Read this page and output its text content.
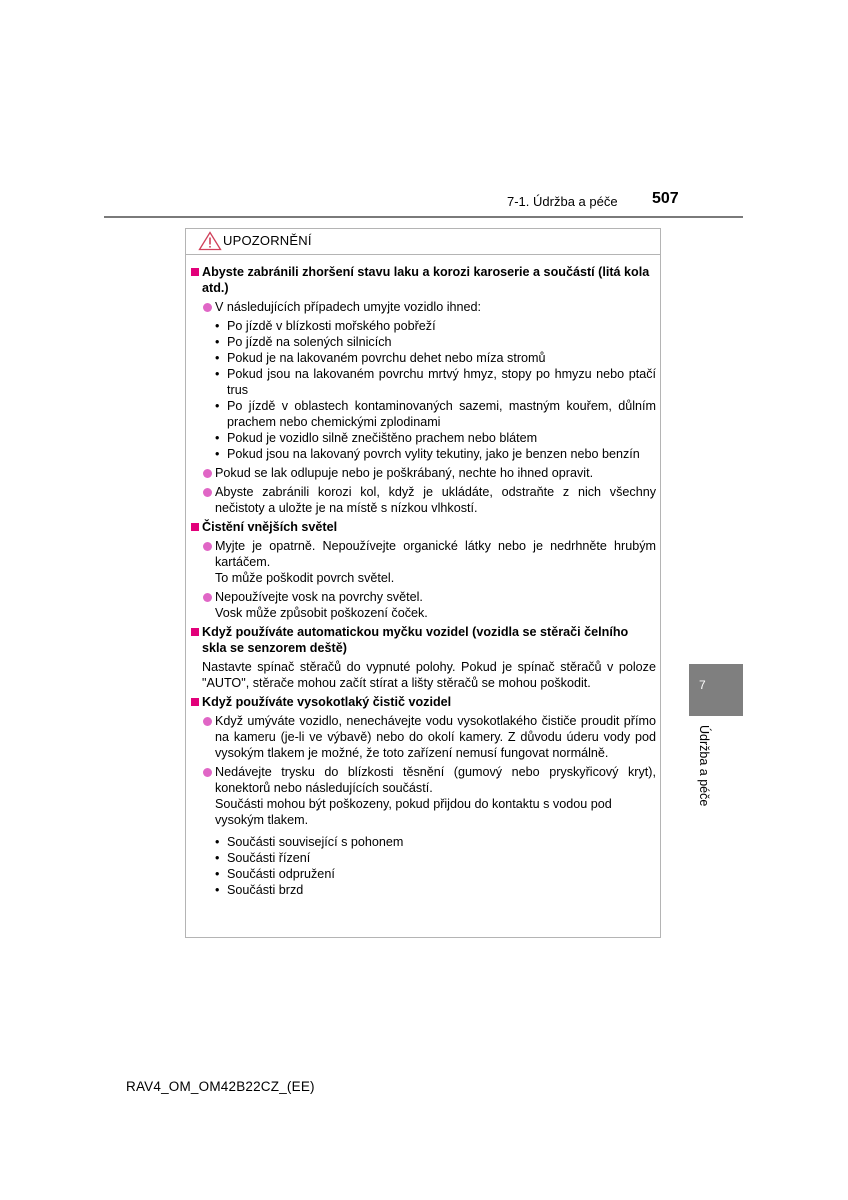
7-1. Údržba a péče 507
UPOZORNĚNÍ
Abyste zabránili zhoršení stavu laku a korozi karoserie a součástí (litá kola atd.)
V následujících případech umyjte vozidlo ihned:
• Po jízdě v blízkosti mořského pobřeží
• Po jízdě na solených silnicích
• Pokud je na lakovaném povrchu dehet nebo míza stromů
• Pokud jsou na lakovaném povrchu mrtvý hmyz, stopy po hmyzu nebo ptačí trus
• Po jízdě v oblastech kontaminovaných sazemi, mastným kouřem, důlním prachem nebo chemickými zplodinami
• Pokud je vozidlo silně znečištěno prachem nebo blátem
• Pokud jsou na lakovaný povrch vylity tekutiny, jako je benzen nebo benzín
Pokud se lak odlupuje nebo je poškrábaný, nechte ho ihned opravit.
Abyste zabránili korozi kol, když je ukládáte, odstraňte z nich všechny nečistoty a uložte je na místě s nízkou vlhkostí.
Čistění vnějších světel
Myjte je opatrně. Nepoužívejte organické látky nebo je nedrhněte hrubým kartáčem.
To může poškodit povrch světel.
Nepoužívejte vosk na povrchy světel.
Vosk může způsobit poškození čoček.
Když používáte automatickou myčku vozidel (vozidla se stěrači čelního skla se senzorem deště)
Nastavte spínač stěračů do vypnuté polohy. Pokud je spínač stěračů v poloze "AUTO", stěrače mohou začít stírat a lišty stěračů se mohou poškodit.
Když používáte vysokotlaký čistič vozidel
Když umýváte vozidlo, nenechávejte vodu vysokotlakého čističe proudit přímo na kameru (je-li ve výbavě) nebo do okolí kamery. Z důvodu úderu vody pod vysokým tlakem je možné, že toto zařízení nemusí fungovat normálně.
Nedávejte trysku do blízkosti těsnění (gumový nebo pryskyřicový kryt), konektorů nebo následujících součástí.
Součásti mohou být poškozeny, pokud přijdou do kontaktu s vodou pod vysokým tlakem.
• Součásti související s pohonem
• Součásti řízení
• Součásti odpružení
• Součásti brzd
7
Údržba a péče
RAV4_OM_OM42B22CZ_(EE)
